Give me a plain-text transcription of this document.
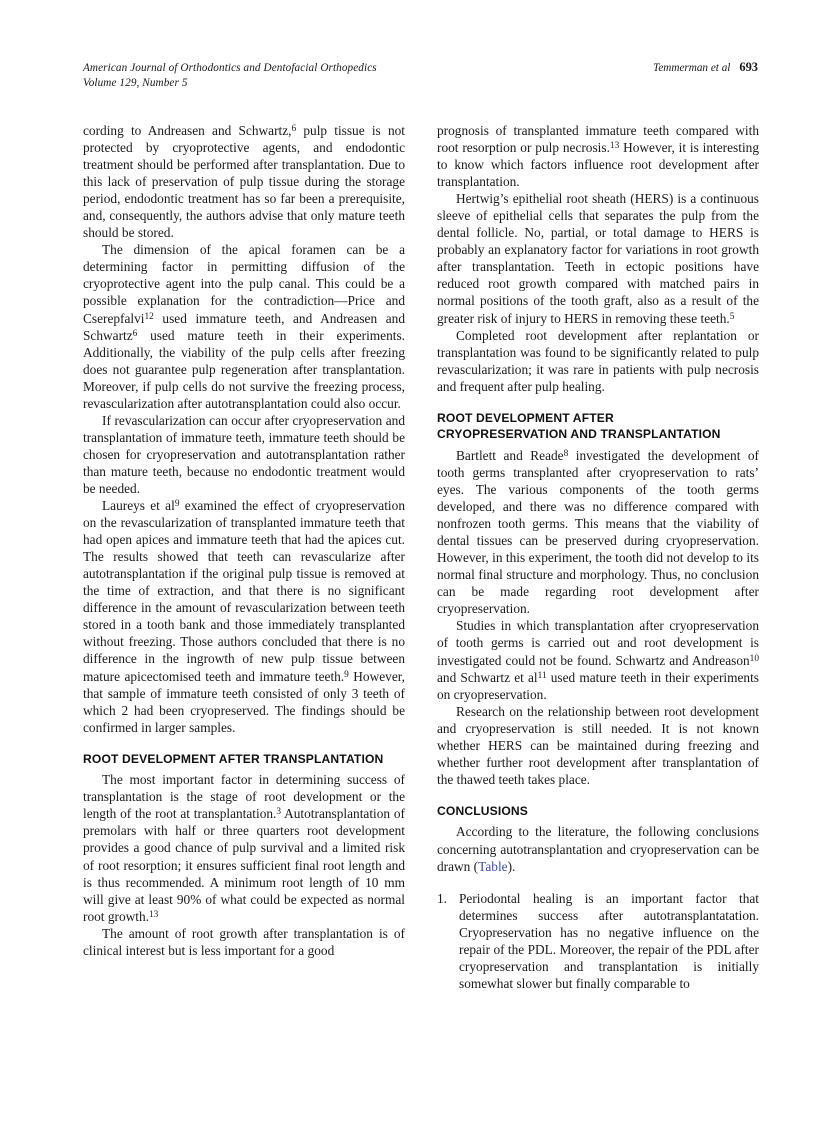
American Journal of Orthodontics and Dentofacial Orthopedics	Temmerman et al 693
Volume 129, Number 5

cording to Andreasen and Schwartz,$^6$ pulp tissue is not protected by cryoprotective agents, and endodontic treatment should be performed after transplantation. Due to this lack of preservation of pulp tissue during the storage period, endodontic treatment has so far been a prerequisite, and, consequently, the authors advise that only mature teeth should be stored.

The dimension of the apical foramen can be a determining factor in permitting diffusion of the cryoprotective agent into the pulp canal. This could be a possible explanation for the contradiction—Price and Cserepfalvi$^{12}$ used immature teeth, and Andreasen and Schwartz$^6$ used mature teeth in their experiments. Additionally, the viability of the pulp cells after freezing does not guarantee pulp regeneration after transplantation. Moreover, if pulp cells do not survive the freezing process, revascularization after autotransplantation could also occur.

If revascularization can occur after cryopreservation and transplantation of immature teeth, immature teeth should be chosen for cryopreservation and autotransplantation rather than mature teeth, because no endodontic treatment would be needed.

Laureys et $al^9$ examined the effect of cryopreservation on the revascularization of transplanted immature teeth that had open apices and immature teeth that had the apices cut. The results showed that teeth can revascularize after autotransplantation if the original pulp tissue is removed at the time of extraction, and that there is no significant difference in the amount of revascularization between teeth stored in a tooth bank and those immediately transplanted without freezing. Those authors concluded that there is no difference in the ingrowth of new pulp tissue between mature apicectomised teeth and immature teeth.$^9$ However, that sample of immature teeth consisted of only 3 teeth of which 2 had been cryopreserved. The findings should be confirmed in larger samples.

ROOT DEVELOPMENT AFTER TRANSPLANTATION

The most important factor in determining success of transplantation is the stage of root development or the length of the root at transplantation.$^3$ Autotransplantation of premolars with half or three quarters root development provides a good chance of pulp survival and a limited risk of root resorption; it ensures sufficient final root length and is thus recommended. A minimum root length of 10 mm will give at least 90% of what could be expected as normal root growth.$^{13}$

The amount of root growth after transplantation is of clinical interest but is less important for a good

prognosis of transplanted immature teeth compared with root resorption or pulp necrosis.$^{13}$ However, it is interesting to know which factors influence root development after transplantation.

Hertwig’s epithelial root sheath (HERS) is a continuous sleeve of epithelial cells that separates the pulp from the dental follicle. No, partial, or total damage to HERS is probably an explanatory factor for variations in root growth after transplantation. Teeth in ectopic positions have reduced root growth compared with matched pairs in normal positions of the tooth graft, also as a result of the greater risk of injury to HERS in removing these teeth.$^5$

Completed root development after replantation or transplantation was found to be significantly related to pulp revascularization; it was rare in patients with pulp necrosis and frequent after pulp healing.

ROOT DEVELOPMENT AFTER
CRYOPRESERVATION AND TRANSPLANTATION

Bartlett and Reade$^8$ investigated the development of tooth germs transplanted after cryopreservation to rats’ eyes. The various components of the tooth germs developed, and there was no difference compared with nonfrozen tooth germs. This means that the viability of dental tissues can be preserved during cryopreservation. However, in this experiment, the tooth did not develop to its normal final structure and morphology. Thus, no conclusion can be made regarding root development after cryopreservation.

Studies in which transplantation after cryopreservation of tooth germs is carried out and root development is investigated could not be found. Schwartz and Andreason$^{10}$ and Schwartz et $al^{11}$ used mature teeth in their experiments on cryopreservation.

Research on the relationship between root development and cryopreservation is still needed. It is not known whether HERS can be maintained during freezing and whether further root development after transplantation of the thawed teeth takes place.

CONCLUSIONS

According to the literature, the following conclusions concerning autotransplantation and cryopreservation can be drawn (Table).

1. Periodontal healing is an important factor that determines success after autotransplantatation. Cryopreservation has no negative influence on the repair of the PDL. Moreover, the repair of the PDL after cryopreservation and transplantation is initially somewhat slower but finally comparable to
